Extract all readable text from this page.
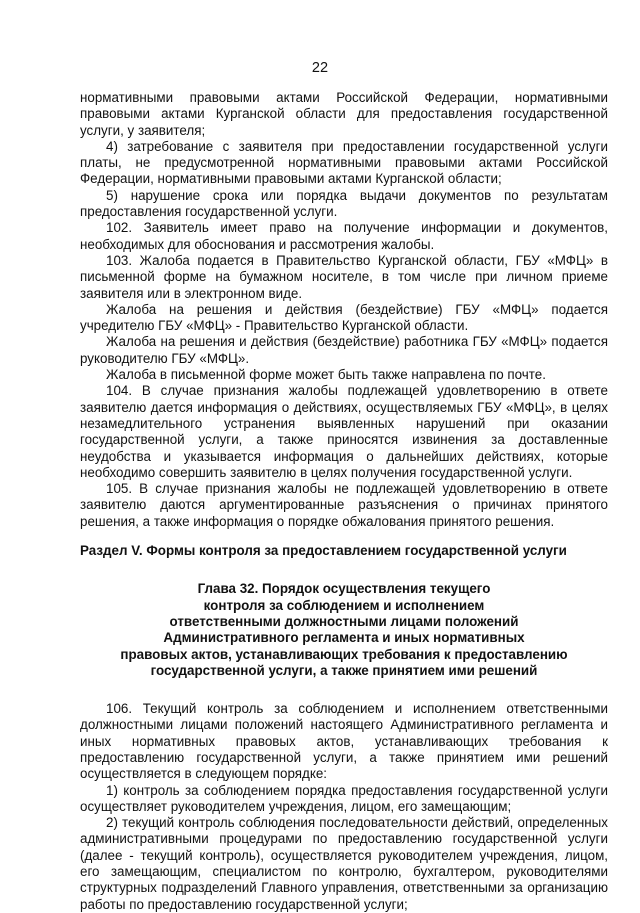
22

нормативными правовыми актами Российской Федерации, нормативными правовыми актами Курганской области для предоставления государственной услуги, у заявителя;

4) затребование с заявителя при предоставлении государственной услуги платы, не предусмотренной нормативными правовыми актами Российской Федерации, нормативными правовыми актами Курганской области;

5) нарушение срока или порядка выдачи документов по результатам предоставления государственной услуги.

102. Заявитель имеет право на получение информации и документов, необходимых для обоснования и рассмотрения жалобы.

103. Жалоба подается в Правительство Курганской области, ГБУ «МФЦ» в письменной форме на бумажном носителе, в том числе при личном приеме заявителя или в электронном виде.

Жалоба на решения и действия (бездействие) ГБУ «МФЦ» подается учредителю ГБУ «МФЦ» - Правительство Курганской области.

Жалоба на решения и действия (бездействие) работника ГБУ «МФЦ» подается руководителю ГБУ «МФЦ».

Жалоба в письменной форме может быть также направлена по почте.

104. В случае признания жалобы подлежащей удовлетворению в ответе заявителю дается информация о действиях, осуществляемых ГБУ «МФЦ», в целях незамедлительного устранения выявленных нарушений при оказании государственной услуги, а также приносятся извинения за доставленные неудобства и указывается информация о дальнейших действиях, которые необходимо совершить заявителю в целях получения государственной услуги.

105. В случае признания жалобы не подлежащей удовлетворению в ответе заявителю даются аргументированные разъяснения о причинах принятого решения, а также информация о порядке обжалования принятого решения.

Раздел V. Формы контроля за предоставлением государственной услуги

Глава 32. Порядок осуществления текущего
контроля за соблюдением и исполнением
ответственными должностными лицами положений
Административного регламента и иных нормативных
правовых актов, устанавливающих требования к предоставлению
государственной услуги, а также принятием ими решений

106. Текущий контроль за соблюдением и исполнением ответственными должностными лицами положений настоящего Административного регламента и иных нормативных правовых актов, устанавливающих требования к предоставлению государственной услуги, а также принятием ими решений осуществляется в следующем порядке:

1) контроль за соблюдением порядка предоставления государственной услуги осуществляет руководителем учреждения, лицом, его замещающим;

2) текущий контроль соблюдения последовательности действий, определенных административными процедурами по предоставлению государственной услуги (далее - текущий контроль), осуществляется руководителем учреждения, лицом, его замещающим, специалистом по контролю, бухгалтером, руководителями структурных подразделений Главного управления, ответственными за организацию работы по предоставлению государственной услуги;
